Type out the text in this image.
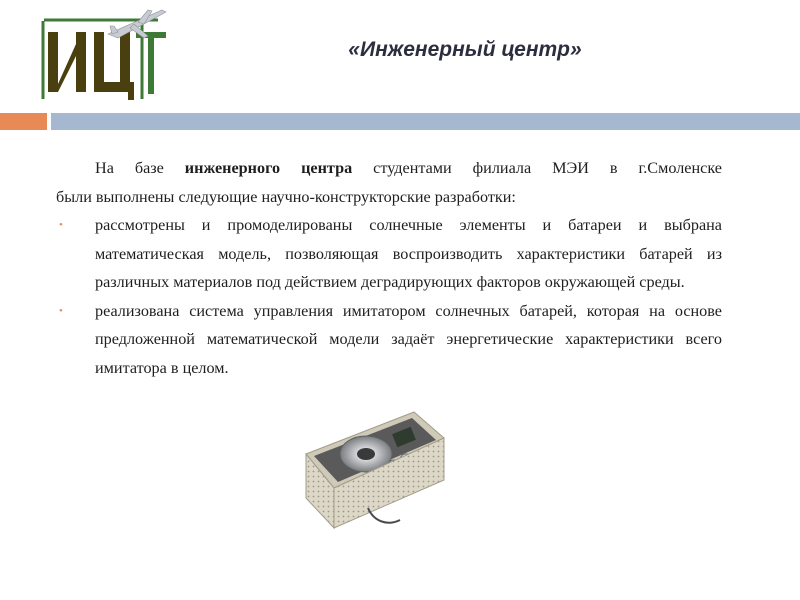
«Инженерный центр»

На базе инженерного центра студентами филиала МЭИ в г.Смоленске

были выполнены следующие научно-конструкторские разработки:

• рассмотрены и промоделированы солнечные элементы и батареи и выбрана математическая модель, позволяющая воспроизводить характеристики батарей из различных материалов под действием деградирующих факторов окружающей среды.
• реализована система управления имитатором солнечных батарей, которая на основе предложенной математической модели задаёт энергетические характеристики всего имитатора в целом.
